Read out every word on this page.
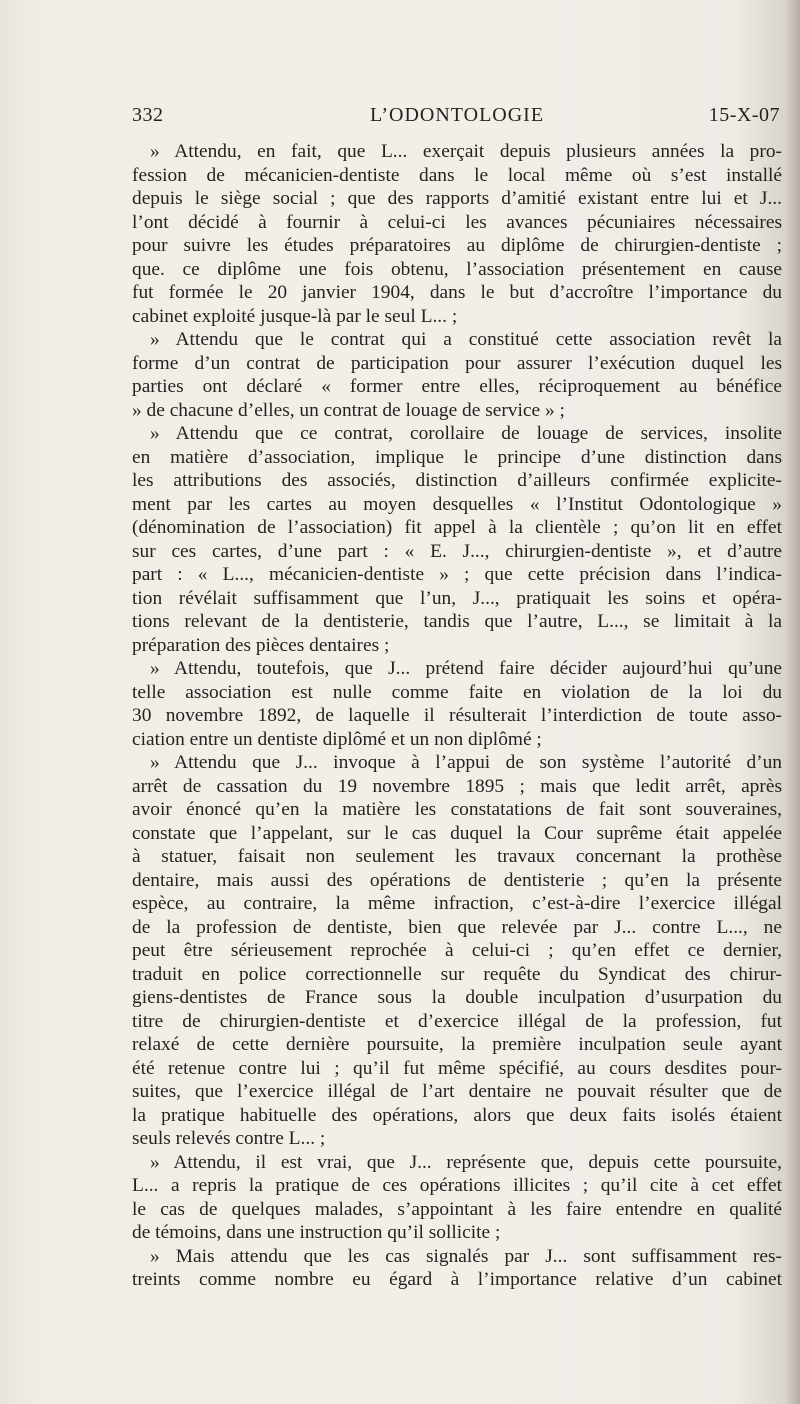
332	L’ODONTOLOGIE	15-X-07
» Attendu, en fait, que L... exerçait depuis plusieurs années la pro-
fession de mécanicien-dentiste dans le local même où s’est installé
depuis le siège social ; que des rapports d’amitié existant entre lui et J...
l’ont décidé à fournir à celui-ci les avances pécuniaires nécessaires
pour suivre les études préparatoires au diplôme de chirurgien-dentiste ;
que. ce diplôme une fois obtenu, l’association présentement en cause
fut formée le 20 janvier 1904, dans le but d’accroître l’importance du
cabinet exploité jusque-là par le seul L... ;
» Attendu que le contrat qui a constitué cette association revêt la
forme d’un contrat de participation pour assurer l’exécution duquel les
parties ont déclaré « former entre elles, réciproquement au bénéfice
» de chacune d’elles, un contrat de louage de service » ;
» Attendu que ce contrat, corollaire de louage de services, insolite
en matière d’association, implique le principe d’une distinction dans
les attributions des associés, distinction d’ailleurs confirmée explicite-
ment par les cartes au moyen desquelles « l’Institut Odontologique »
(dénomination de l’association) fit appel à la clientèle ; qu’on lit en effet
sur ces cartes, d’une part : « E. J..., chirurgien-dentiste », et d’autre
part : « L..., mécanicien-dentiste » ; que cette précision dans l’indica-
tion révélait suffisamment que l’un, J..., pratiquait les soins et opéra-
tions relevant de la dentisterie, tandis que l’autre, L..., se limitait à la
préparation des pièces dentaires ;
» Attendu, toutefois, que J... prétend faire décider aujourd’hui qu’une
telle association est nulle comme faite en violation de la loi du
30 novembre 1892, de laquelle il résulterait l’interdiction de toute asso-
ciation entre un dentiste diplômé et un non diplômé ;
» Attendu que J... invoque à l’appui de son système l’autorité d’un
arrêt de cassation du 19 novembre 1895 ; mais que ledit arrêt, après
avoir énoncé qu’en la matière les constatations de fait sont souveraines,
constate que l’appelant, sur le cas duquel la Cour suprême était appelée
à statuer, faisait non seulement les travaux concernant la prothèse
dentaire, mais aussi des opérations de dentisterie ; qu’en la présente
espèce, au contraire, la même infraction, c’est-à-dire l’exercice illégal
de la profession de dentiste, bien que relevée par J... contre L..., ne
peut être sérieusement reprochée à celui-ci ; qu’en effet ce dernier,
traduit en police correctionnelle sur requête du Syndicat des chirur-
giens-dentistes de France sous la double inculpation d’usurpation du
titre de chirurgien-dentiste et d’exercice illégal de la profession, fut
relaxé de cette dernière poursuite, la première inculpation seule ayant
été retenue contre lui ; qu’il fut même spécifié, au cours desdites pour-
suites, que l’exercice illégal de l’art dentaire ne pouvait résulter que de
la pratique habituelle des opérations, alors que deux faits isolés étaient
seuls relevés contre L... ;
» Attendu, il est vrai, que J... représente que, depuis cette poursuite,
L... a repris la pratique de ces opérations illicites ; qu’il cite à cet effet
le cas de quelques malades, s’appointant à les faire entendre en qualité
de témoins, dans une instruction qu’il sollicite ;
» Mais attendu que les cas signalés par J... sont suffisamment res-
treints comme nombre eu égard à l’importance relative d’un cabinet
